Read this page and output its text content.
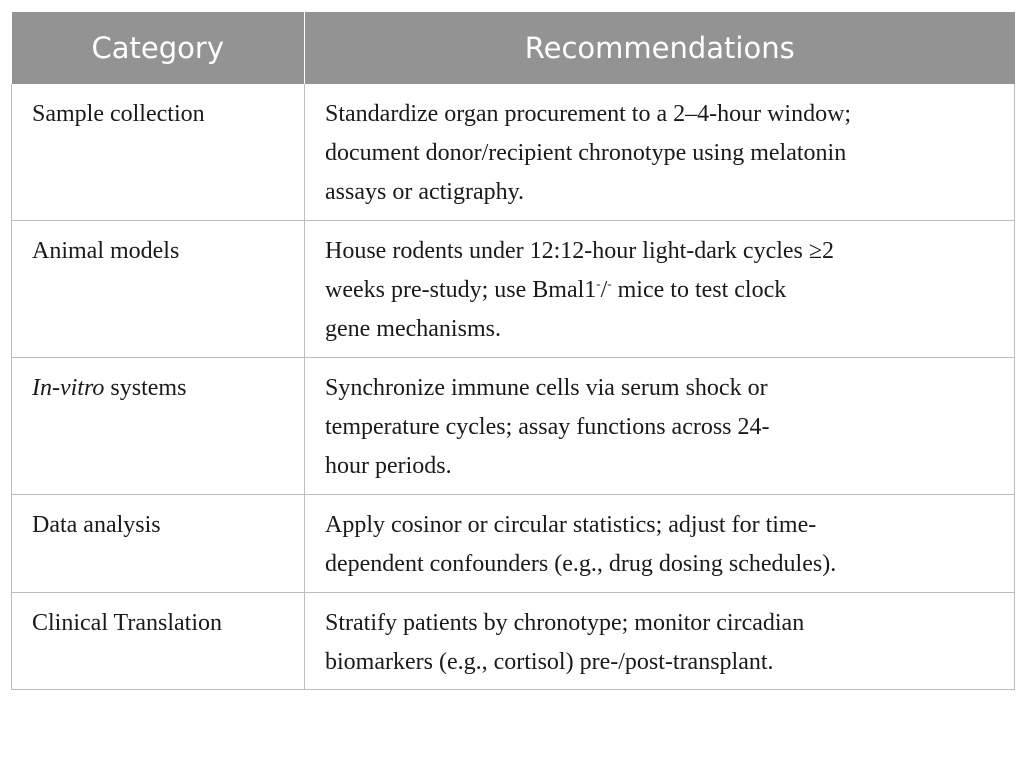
Category	Recommendations
Sample collection	Standardize organ procurement to a 2–4-hour window;
document donor/recipient chronotype using melatonin
assays or actigraphy.

Animal models	House rodents under 12:12-hour light-dark cycles ≥2
weeks pre-study; use Bmal1-/- mice to test clock
gene mechanisms.

In-vitro systems	Synchronize immune cells via serum shock or
temperature cycles; assay functions across 24-
hour periods.

Data analysis	Apply cosinor or circular statistics; adjust for time-
dependent confounders (e.g., drug dosing schedules).

Clinical Translation	Stratify patients by chronotype; monitor circadian
biomarkers (e.g., cortisol) pre-/post-transplant.
